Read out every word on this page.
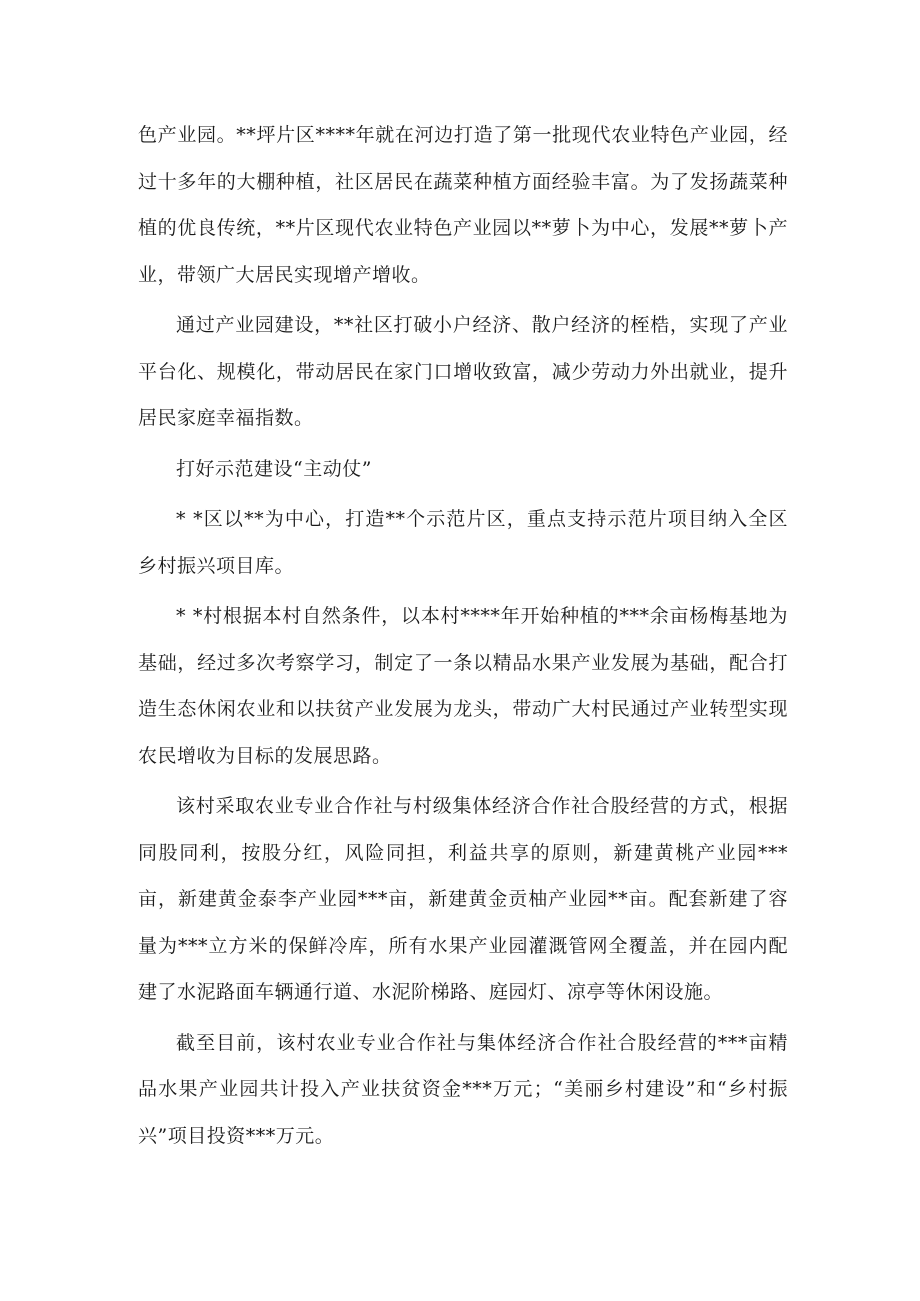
色产业园。**坪片区****年就在河边打造了第一批现代农业特色产业园，经过十多年的大棚种植，社区居民在蔬菜种植方面经验丰富。为了发扬蔬菜种植的优良传统，**片区现代农业特色产业园以**萝卜为中心，发展**萝卜产业，带领广大居民实现增产增收。

通过产业园建设，**社区打破小户经济、散户经济的桎梏，实现了产业平台化、规模化，带动居民在家门口增收致富，减少劳动力外出就业，提升居民家庭幸福指数。

打好示范建设“主动仗”

* *区以**为中心，打造**个示范片区，重点支持示范片项目纳入全区乡村振兴项目库。

* *村根据本村自然条件，以本村****年开始种植的***余亩杨梅基地为基础，经过多次考察学习，制定了一条以精品水果产业发展为基础，配合打造生态休闲农业和以扶贫产业发展为龙头，带动广大村民通过产业转型实现农民增收为目标的发展思路。

该村采取农业专业合作社与村级集体经济合作社合股经营的方式，根据同股同利，按股分红，风险同担，利益共享的原则，新建黄桃产业园***亩，新建黄金泰李产业园***亩，新建黄金贡柚产业园**亩。配套新建了容量为***立方米的保鲜冷库，所有水果产业园灌溉管网全覆盖，并在园内配建了水泥路面车辆通行道、水泥阶梯路、庭园灯、凉亭等休闲设施。

截至目前，该村农业专业合作社与集体经济合作社合股经营的***亩精品水果产业园共计投入产业扶贫资金***万元；“美丽乡村建设”和“乡村振兴”项目投资***万元。
